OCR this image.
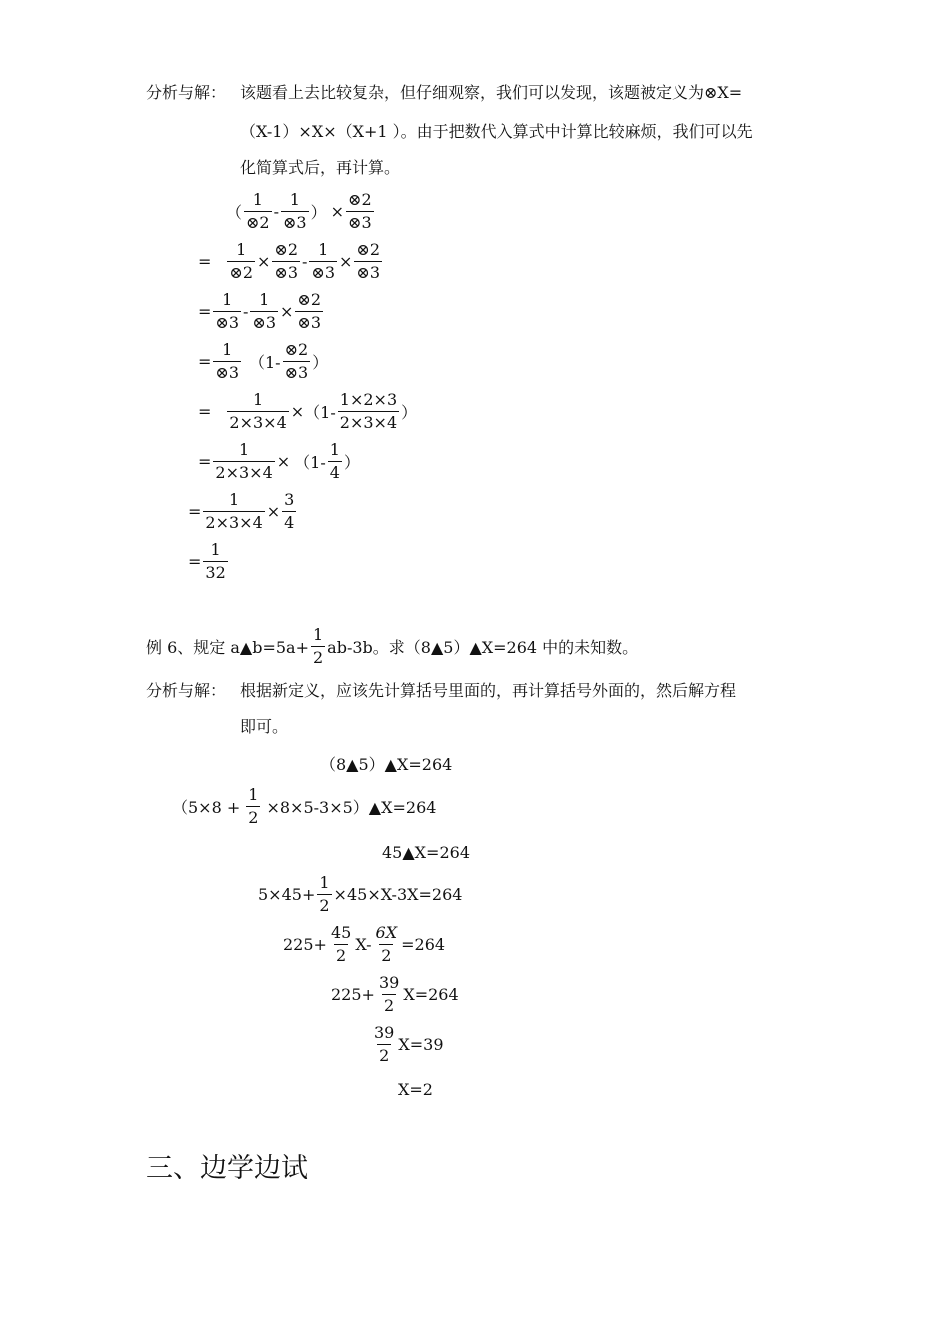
分析与解： 该题看上去比较复杂，但仔细观察，我们可以发现，该题被定义为⊗X=
（X-1）×X×（X+1 ）。由于把数代入算式中计算比较麻烦，我们可以先
化简算式后，再计算。
（ $\frac{1}{\otimes 2} - \frac{1}{\otimes 3}$ ） × $\frac{\otimes 2}{\otimes 3}$
= $\frac{1}{\otimes 2} \times \frac{\otimes 2}{\otimes 3} - \frac{1}{\otimes 3} \times \frac{\otimes 2}{\otimes 3}$
= $\frac{1}{\otimes 3} - \frac{1}{\otimes 3} \times \frac{\otimes 2}{\otimes 3}$
= $\frac{1}{\otimes 3} (1- \frac{\otimes 2}{\otimes 3}$ ）
= $\frac{1}{2\times 3\times 4} \times (1- \frac{1\times 2\times 3}{2\times 3\times 4}$ ）
= $\frac{1}{2\times 3\times 4} \times (1- \frac{1}{4}$ ）
= $\frac{1}{2\times 3\times 4} \times \frac{3}{4}$
= $\frac{1}{32}$
例 6、规定 a▲b=5a+ $\frac{1}{2} ab-3b$。求（8▲5）▲X=264 中的未知数。
分析与解： 根据新定义，应该先计算括号里面的，再计算括号外面的，然后解方程
即可。
（8▲5）▲X=264
（$5\times 8 + \frac{1}{2}$ ×8×5-3×5）▲X=264
45▲X=264
$5\times 45+ \frac{1}{2} \times 45\times X-3X=264$
$225+ \frac{45}{2} X- \frac{6X}{2} =264$
$225+ \frac{39}{2} X=264$
$\frac{39}{2} X=39$
X=2
三、边学边试
